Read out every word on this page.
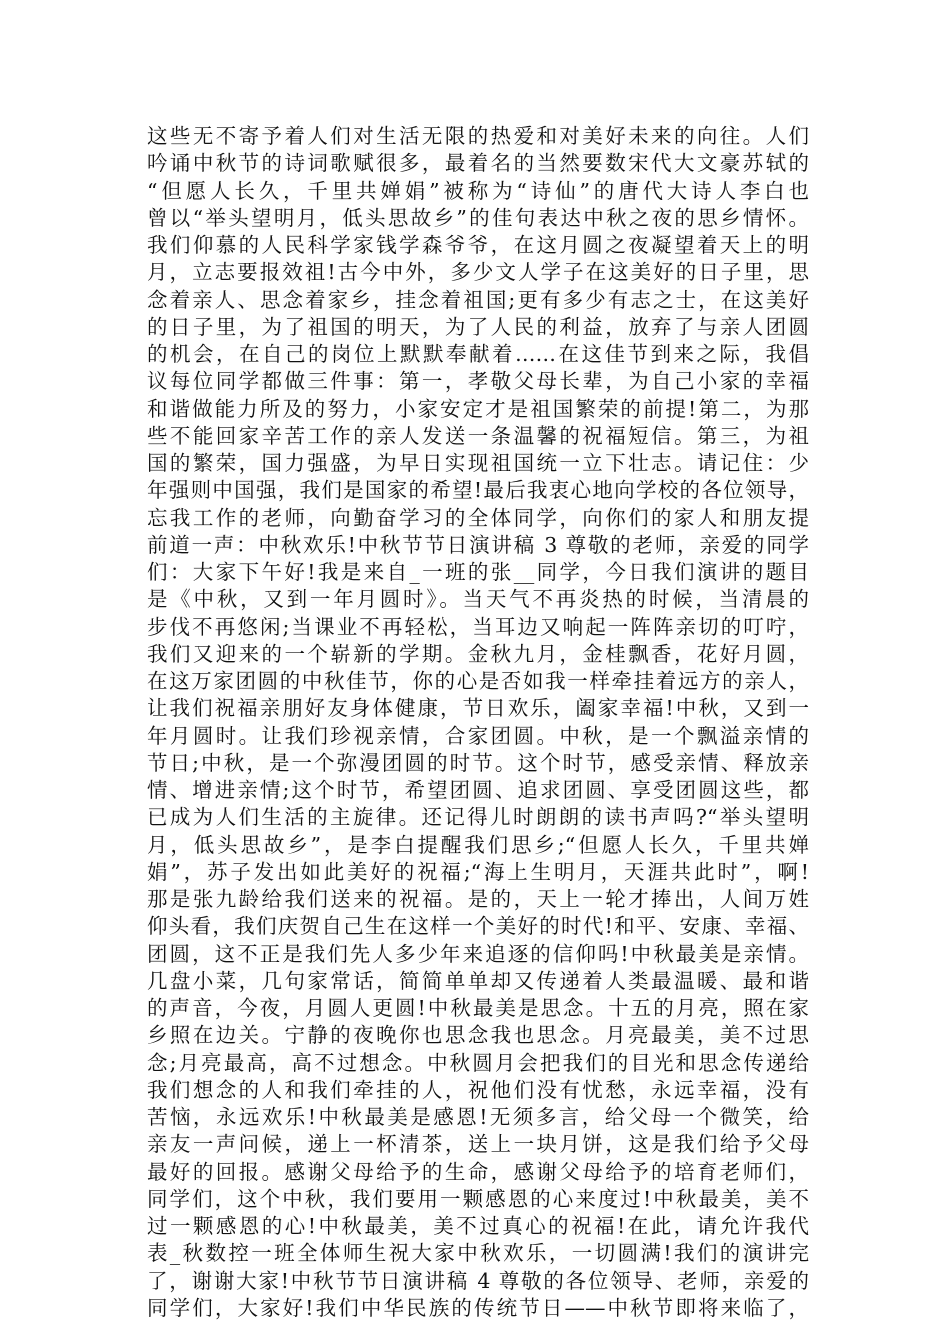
这些无不寄予着人们对生活无限的热爱和对美好未来的向往。人们
吟诵中秋节的诗词歌赋很多，最着名的当然要数宋代大文豪苏轼的
“但愿人长久，千里共婵娟”被称为“诗仙”的唐代大诗人李白也
曾以“举头望明月，低头思故乡”的佳句表达中秋之夜的思乡情怀。
我们仰慕的人民科学家钱学森爷爷，在这月圆之夜凝望着天上的明
月，立志要报效祖!古今中外，多少文人学子在这美好的日子里，思
念着亲人、思念着家乡，挂念着祖国;更有多少有志之士，在这美好
的日子里，为了祖国的明天，为了人民的利益，放弃了与亲人团圆
的机会，在自己的岗位上默默奉献着……在这佳节到来之际，我倡
议每位同学都做三件事：第一，孝敬父母长辈，为自己小家的幸福
和谐做能力所及的努力，小家安定才是祖国繁荣的前提!第二，为那
些不能回家辛苦工作的亲人发送一条温馨的祝福短信。第三，为祖
国的繁荣，国力强盛，为早日实现祖国统一立下壮志。请记住：少
年强则中国强，我们是国家的希望!最后我衷心地向学校的各位领导，
忘我工作的老师，向勤奋学习的全体同学，向你们的家人和朋友提
前道一声：中秋欢乐!中秋节节日演讲稿 3 尊敬的老师，亲爱的同学
们：大家下午好!我是来自_一班的张__同学，今日我们演讲的题目
是《中秋，又到一年月圆时》。当天气不再炎热的时候，当清晨的
步伐不再悠闲;当课业不再轻松，当耳边又响起一阵阵亲切的叮咛，
我们又迎来的一个崭新的学期。金秋九月，金桂飘香，花好月圆，
在这万家团圆的中秋佳节，你的心是否如我一样牵挂着远方的亲人，
让我们祝福亲朋好友身体健康，节日欢乐，阖家幸福!中秋，又到一
年月圆时。让我们珍视亲情，合家团圆。中秋，是一个飘溢亲情的
节日;中秋，是一个弥漫团圆的时节。这个时节，感受亲情、释放亲
情、增进亲情;这个时节，希望团圆、追求团圆、享受团圆这些，都
已成为人们生活的主旋律。还记得儿时朗朗的读书声吗?“举头望明
月，低头思故乡”，是李白提醒我们思乡;“但愿人长久，千里共婵
娟”，苏子发出如此美好的祝福;“海上生明月，天涯共此时”，啊!
那是张九龄给我们送来的祝福。是的，天上一轮才捧出，人间万姓
仰头看，我们庆贺自己生在这样一个美好的时代!和平、安康、幸福、
团圆，这不正是我们先人多少年来追逐的信仰吗!中秋最美是亲情。
几盘小菜，几句家常话，简简单单却又传递着人类最温暖、最和谐
的声音，今夜，月圆人更圆!中秋最美是思念。十五的月亮，照在家
乡照在边关。宁静的夜晚你也思念我也思念。月亮最美，美不过思
念;月亮最高，高不过想念。中秋圆月会把我们的目光和思念传递给
我们想念的人和我们牵挂的人，祝他们没有忧愁，永远幸福，没有
苦恼，永远欢乐!中秋最美是感恩!无须多言，给父母一个微笑，给
亲友一声问候，递上一杯清茶，送上一块月饼，这是我们给予父母
最好的回报。感谢父母给予的生命，感谢父母给予的培育老师们，
同学们，这个中秋，我们要用一颗感恩的心来度过!中秋最美，美不
过一颗感恩的心!中秋最美，美不过真心的祝福!在此，请允许我代
表_秋数控一班全体师生祝大家中秋欢乐，一切圆满!我们的演讲完
了，谢谢大家!中秋节节日演讲稿 4 尊敬的各位领导、老师，亲爱的
同学们，大家好!我们中华民族的传统节日——中秋节即将来临了，
